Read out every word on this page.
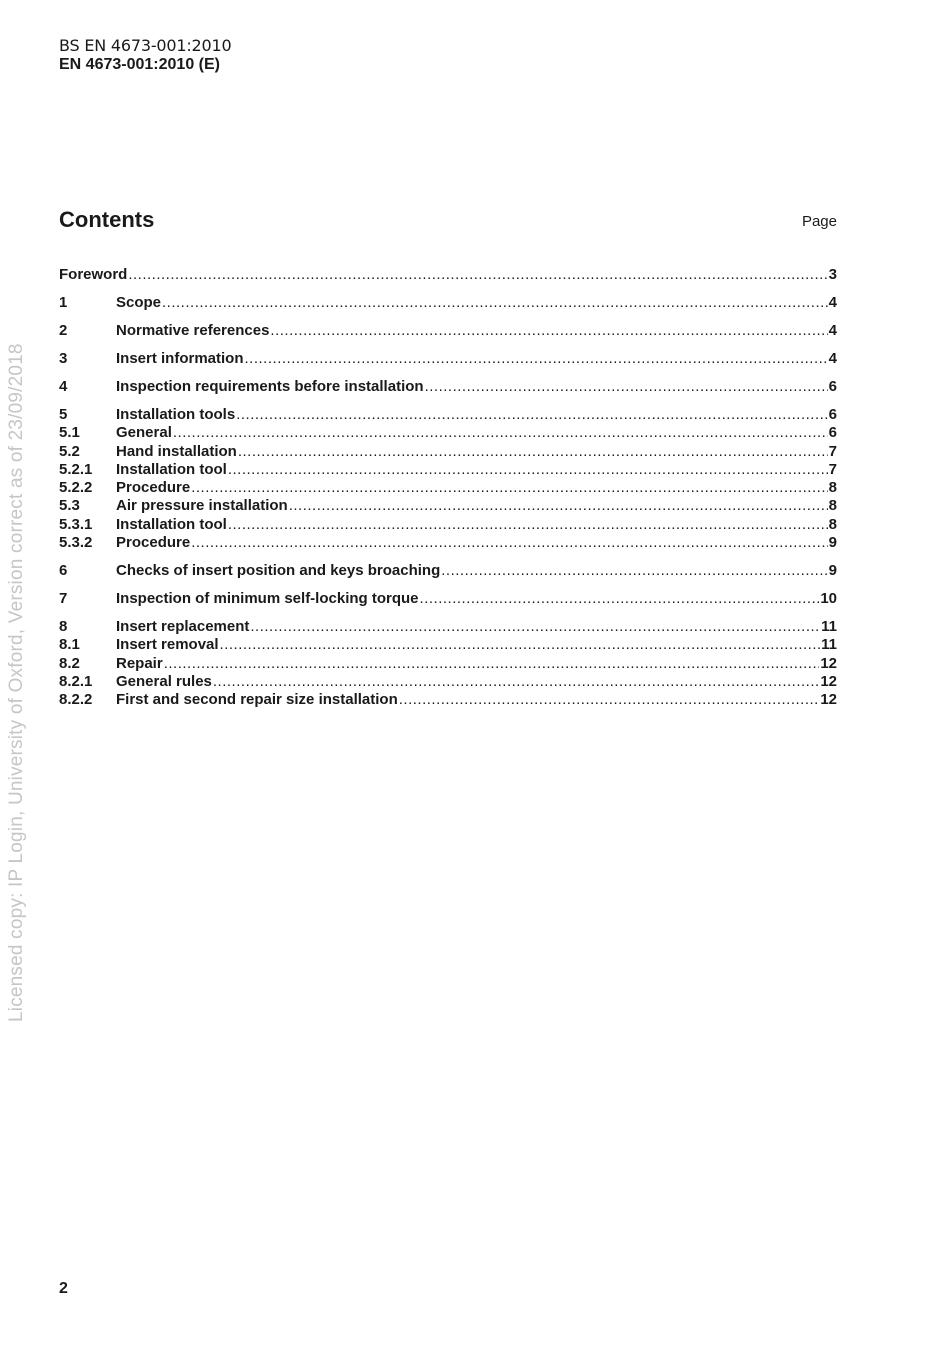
BS EN 4673-001:2010
EN 4673-001:2010 (E)
Contents	Page
Foreword .....	3
1	Scope .....	4
2	Normative references .....	4
3	Insert information .....	4
4	Inspection requirements before installation .....	6
5	Installation tools .....	6
5.1	General .....	6
5.2	Hand installation .....	7
5.2.1	Installation tool .....	7
5.2.2	Procedure .....	8
5.3	Air pressure installation .....	8
5.3.1	Installation tool .....	8
5.3.2	Procedure .....	9
6	Checks of insert position and keys broaching .....	9
7	Inspection of minimum self-locking torque .....	10
8	Insert replacement .....	11
8.1	Insert removal .....	11
8.2	Repair .....	12
8.2.1	General rules .....	12
8.2.2	First and second repair size installation .....	12
Licensed copy: IP Login, University of Oxford, Version correct as of 23/09/2018
2
